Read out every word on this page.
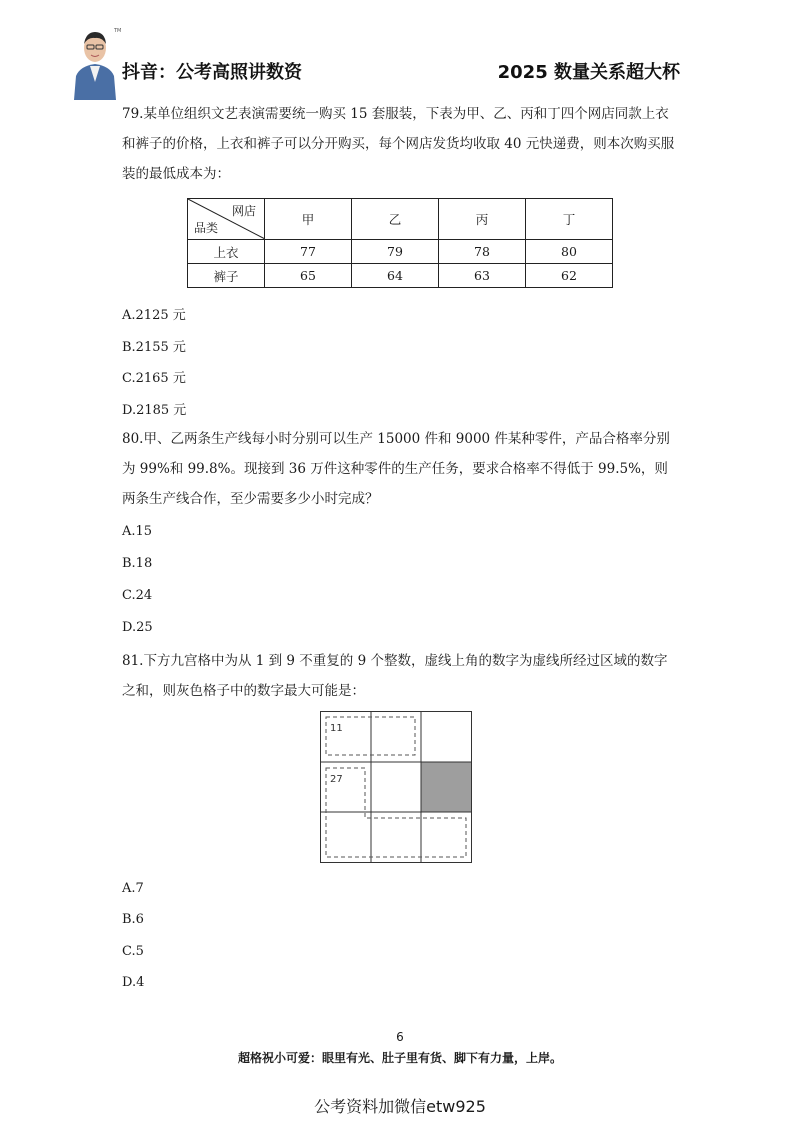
TM
抖音：公考高照讲数资	2025 数量关系超大杯

79.某单位组织文艺表演需要统一购买 15 套服装，下表为甲、乙、丙和丁四个网店同款上衣和裤子的价格，上衣和裤子可以分开购买，每个网店发货均收取 40 元快递费，则本次购买服装的最低成本为：

网店
品类	甲	乙	丙	丁
上衣	77	79	78	80
裤子	65	64	63	62

A.2125 元

B.2155 元

C.2165 元

D.2185 元

80.甲、乙两条生产线每小时分别可以生产 15000 件和 9000 件某种零件，产品合格率分别为 99%和 99.8%。现接到 36 万件这种零件的生产任务，要求合格率不得低于 99.5%，则两条生产线合作，至少需要多少小时完成？

A.15

B.18

C.24

D.25

81.下方九宫格中为从 1 到 9 不重复的 9 个整数，虚线上角的数字为虚线所经过区域的数字之和，则灰色格子中的数字最大可能是：

11
27

A.7

B.6

C.5

D.4

6
超格祝小可爱：眼里有光、肚子里有货、脚下有力量，上岸。
公考资料加微信etw925
